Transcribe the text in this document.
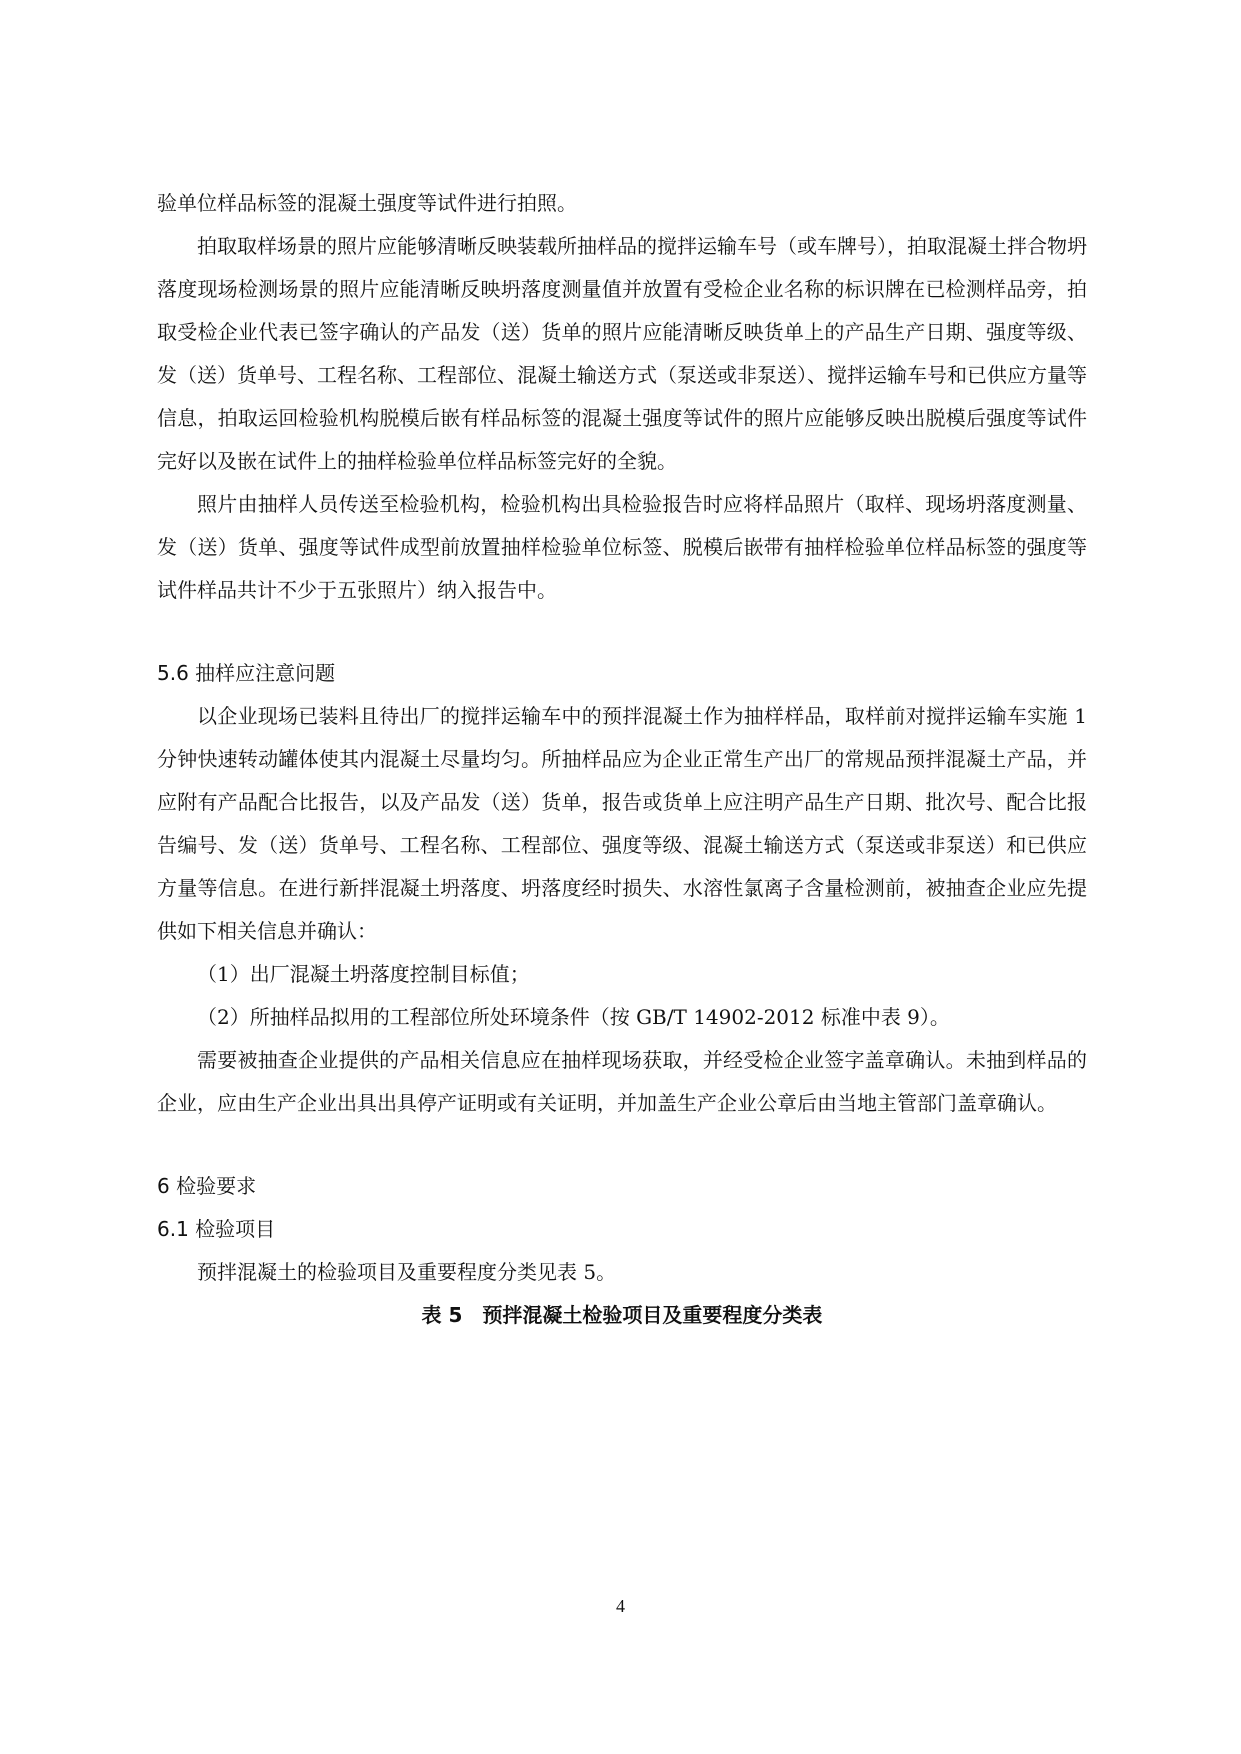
验单位样品标签的混凝土强度等试件进行拍照。

拍取取样场景的照片应能够清晰反映装载所抽样品的搅拌运输车号（或车牌号），拍取混凝土拌合物坍落度现场检测场景的照片应能清晰反映坍落度测量值并放置有受检企业名称的标识牌在已检测样品旁，拍取受检企业代表已签字确认的产品发（送）货单的照片应能清晰反映货单上的产品生产日期、强度等级、发（送）货单号、工程名称、工程部位、混凝土输送方式（泵送或非泵送）、搅拌运输车号和已供应方量等信息，拍取运回检验机构脱模后嵌有样品标签的混凝土强度等试件的照片应能够反映出脱模后强度等试件完好以及嵌在试件上的抽样检验单位样品标签完好的全貌。

照片由抽样人员传送至检验机构，检验机构出具检验报告时应将样品照片（取样、现场坍落度测量、发（送）货单、强度等试件成型前放置抽样检验单位标签、脱模后嵌带有抽样检验单位样品标签的强度等试件样品共计不少于五张照片）纳入报告中。

5.6 抽样应注意问题

以企业现场已装料且待出厂的搅拌运输车中的预拌混凝土作为抽样样品，取样前对搅拌运输车实施 1 分钟快速转动罐体使其内混凝土尽量均匀。所抽样品应为企业正常生产出厂的常规品预拌混凝土产品，并应附有产品配合比报告，以及产品发（送）货单，报告或货单上应注明产品生产日期、批次号、配合比报告编号、发（送）货单号、工程名称、工程部位、强度等级、混凝土输送方式（泵送或非泵送）和已供应方量等信息。在进行新拌混凝土坍落度、坍落度经时损失、水溶性氯离子含量检测前，被抽查企业应先提供如下相关信息并确认：

（1）出厂混凝土坍落度控制目标值；

（2）所抽样品拟用的工程部位所处环境条件（按 GB/T 14902-2012 标准中表 9）。

需要被抽查企业提供的产品相关信息应在抽样现场获取，并经受检企业签字盖章确认。未抽到样品的企业，应由生产企业出具出具停产证明或有关证明，并加盖生产企业公章后由当地主管部门盖章确认。

6 检验要求

6.1 检验项目

预拌混凝土的检验项目及重要程度分类见表 5。

表 5　预拌混凝土检验项目及重要程度分类表

4
